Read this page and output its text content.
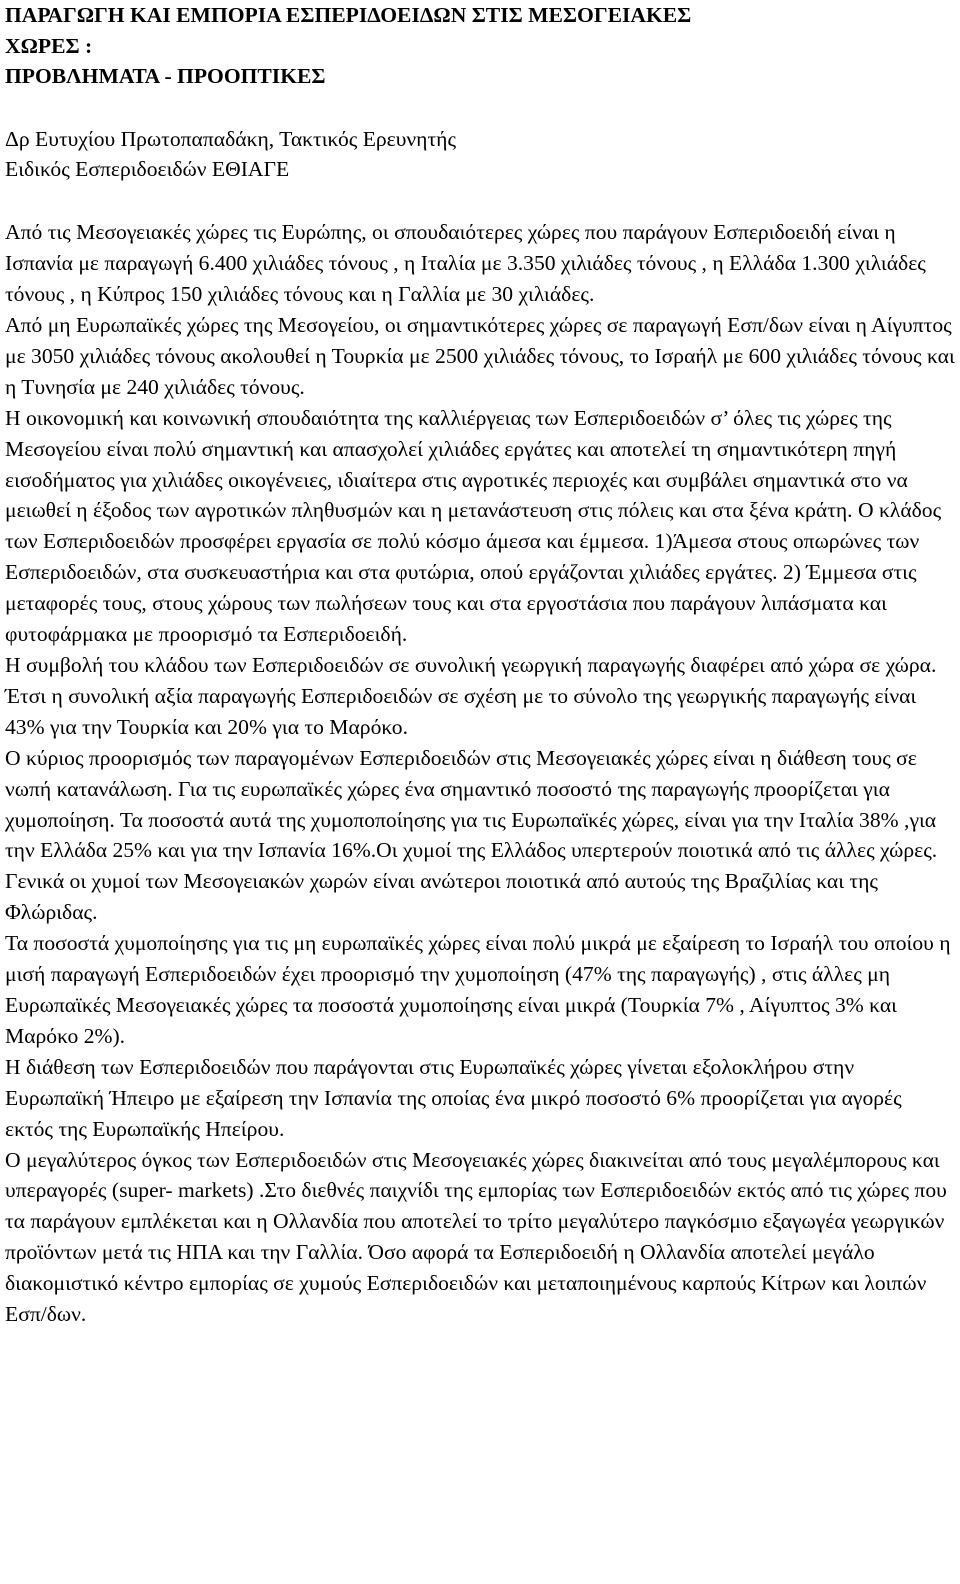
ΠΑΡΑΓΩΓΗ ΚΑΙ ΕΜΠΟΡΙΑ ΕΣΠΕΡΙΔΟΕΙΔΩΝ ΣΤΙΣ ΜΕΣΟΓΕΙΑΚΕΣ
ΧΩΡΕΣ :
ΠΡΟΒΛΗΜΑΤΑ - ΠΡΟΟΠΤΙΚΕΣ
Δρ Ευτυχίου Πρωτοπαπαδάκη, Τακτικός Ερευνητής
Ειδικός Εσπεριδοειδών ΕΘΙΑΓΕ

Από τις Μεσογειακές χώρες τις Ευρώπης, οι σπουδαιότερες χώρες που παράγουν Εσπεριδοειδή είναι η Ισπανία με παραγωγή 6.400 χιλιάδες τόνους , η Ιταλία με 3.350 χιλιάδες τόνους , η Ελλάδα 1.300 χιλιάδες τόνους , η Κύπρος 150 χιλιάδες τόνους και η Γαλλία με 30 χιλιάδες.

Από μη Ευρωπαϊκές χώρες της Μεσογείου, οι σημαντικότερες χώρες σε παραγωγή Εσπ/δων είναι η Αίγυπτος με 3050 χιλιάδες τόνους ακολουθεί η Τουρκία με 2500 χιλιάδες τόνους, το Ισραήλ με 600 χιλιάδες τόνους και η Τυνησία με 240 χιλιάδες τόνους.

Η οικονομική και κοινωνική σπουδαιότητα της καλλιέργειας των Εσπεριδοειδών σ’ όλες τις χώρες της Μεσογείου είναι πολύ σημαντική και απασχολεί χιλιάδες εργάτες και αποτελεί τη σημαντικότερη πηγή εισοδήματος για χιλιάδες οικογένειες, ιδιαίτερα στις αγροτικές περιοχές και συμβάλει σημαντικά στο να μειωθεί η έξοδος των αγροτικών πληθυσμών και η μετανάστευση στις πόλεις και στα ξένα κράτη. Ο κλάδος των Εσπεριδοειδών προσφέρει εργασία σε πολύ κόσμο άμεσα και έμμεσα. 1)Άμεσα στους οπωρώνες των Εσπεριδοειδών, στα συσκευαστήρια και στα φυτώρια, οπού εργάζονται χιλιάδες εργάτες. 2) Έμμεσα στις μεταφορές τους, στους χώρους των πωλήσεων τους και στα εργοστάσια που παράγουν λιπάσματα και φυτοφάρμακα με προορισμό τα Εσπεριδοειδή.

Η συμβολή του κλάδου των Εσπεριδοειδών σε συνολική γεωργική παραγωγής διαφέρει από χώρα σε χώρα. Έτσι η συνολική αξία παραγωγής Εσπεριδοειδών σε σχέση με το σύνολο της γεωργικής παραγωγής είναι 43% για την Τουρκία και 20% για το Μαρόκο.

Ο κύριος προορισμός των παραγομένων Εσπεριδοειδών στις Μεσογειακές χώρες είναι η διάθεση τους σε νωπή κατανάλωση. Για τις ευρωπαϊκές χώρες ένα σημαντικό ποσοστό της παραγωγής προορίζεται για χυμοποίηση. Τα ποσοστά αυτά της χυμοποποίησης για τις Ευρωπαϊκές χώρες, είναι για την Ιταλία 38% ,για την Ελλάδα 25% και για την Ισπανία 16%.Οι χυμοί της Ελλάδος υπερτερούν ποιοτικά από τις άλλες χώρες. Γενικά οι χυμοί των Μεσογειακών χωρών είναι ανώτεροι ποιοτικά από αυτούς της Βραζιλίας και της Φλώριδας.

Τα ποσοστά χυμοποίησης για τις μη ευρωπαϊκές χώρες είναι πολύ μικρά με εξαίρεση το Ισραήλ του οποίου η μισή παραγωγή Εσπεριδοειδών έχει προορισμό την χυμοποίηση (47% της παραγωγής) , στις άλλες μη Ευρωπαϊκές Μεσογειακές χώρες τα ποσοστά χυμοποίησης είναι μικρά (Τουρκία 7% , Αίγυπτος 3% και Μαρόκο 2%).

Η διάθεση των Εσπεριδοειδών που παράγονται στις Ευρωπαϊκές χώρες γίνεται εξολοκλήρου στην Ευρωπαϊκή Ήπειρο με εξαίρεση την Ισπανία της οποίας ένα μικρό ποσοστό 6% προορίζεται για αγορές εκτός της Ευρωπαϊκής Ηπείρου.

Ο μεγαλύτερος όγκος των Εσπεριδοειδών στις Μεσογειακές χώρες διακινείται από τους μεγαλέμπορους και υπεραγορές (super- markets) .Στο διεθνές παιχνίδι της εμπορίας των Εσπεριδοειδών εκτός από τις χώρες που τα παράγουν εμπλέκεται και η Ολλανδία που αποτελεί το τρίτο μεγαλύτερο παγκόσμιο εξαγωγέα γεωργικών προϊόντων μετά τις ΗΠΑ και την Γαλλία. Όσο αφορά τα Εσπεριδοειδή η Ολλανδία αποτελεί μεγάλο διακομιστικό κέντρο εμπορίας σε χυμούς Εσπεριδοειδών και μεταποιημένους καρπούς Κίτρων και λοιπών Εσπ/δων.
